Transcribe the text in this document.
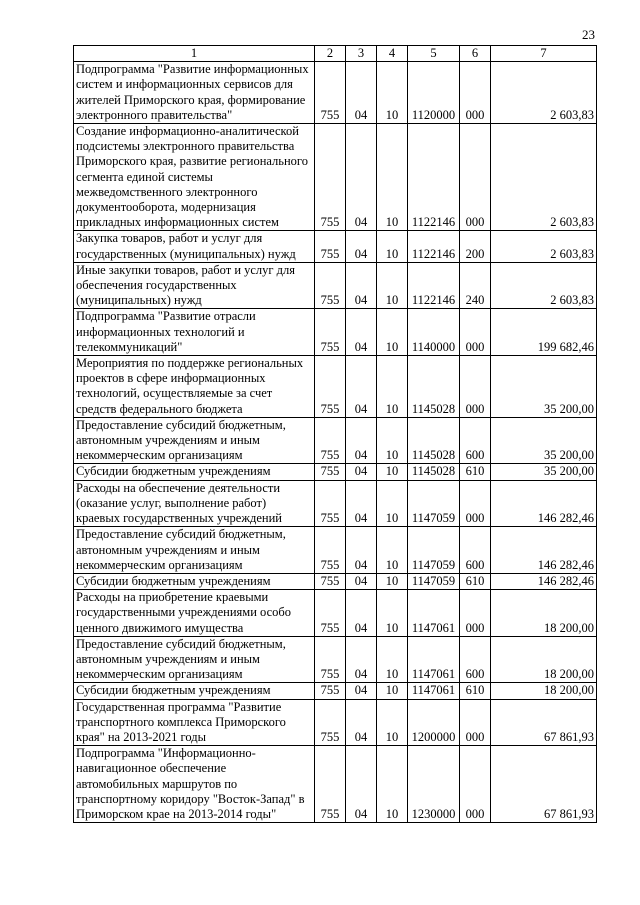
23
1	2	3	4	5	6	7
Подпрограмма "Развитие информационных систем и информационных сервисов для жителей Приморского края, формирование электронного правительства"	755	04	10	1120000	000	2 603,83
Создание информационно-аналитической подсистемы электронного правительства Приморского края, развитие регионального сегмента единой системы межведомственного электронного документооборота, модернизация прикладных информационных систем	755	04	10	1122146	000	2 603,83
Закупка товаров, работ и услуг для государственных (муниципальных) нужд	755	04	10	1122146	200	2 603,83
Иные закупки товаров, работ и услуг для обеспечения государственных (муниципальных) нужд	755	04	10	1122146	240	2 603,83
Подпрограмма "Развитие отрасли информационных технологий и телекоммуникаций"	755	04	10	1140000	000	199 682,46
Мероприятия по поддержке региональных проектов в сфере информационных технологий, осуществляемые за счет средств федерального бюджета	755	04	10	1145028	000	35 200,00
Предоставление субсидий бюджетным, автономным учреждениям и иным некоммерческим организациям	755	04	10	1145028	600	35 200,00
Субсидии бюджетным учреждениям	755	04	10	1145028	610	35 200,00
Расходы на обеспечение деятельности (оказание услуг, выполнение работ) краевых государственных учреждений	755	04	10	1147059	000	146 282,46
Предоставление субсидий бюджетным, автономным учреждениям и иным некоммерческим организациям	755	04	10	1147059	600	146 282,46
Субсидии бюджетным учреждениям	755	04	10	1147059	610	146 282,46
Расходы на приобретение краевыми государственными учреждениями особо ценного движимого имущества	755	04	10	1147061	000	18 200,00
Предоставление субсидий бюджетным, автономным учреждениям и иным некоммерческим организациям	755	04	10	1147061	600	18 200,00
Субсидии бюджетным учреждениям	755	04	10	1147061	610	18 200,00
Государственная программа "Развитие транспортного комплекса Приморского края" на 2013-2021 годы	755	04	10	1200000	000	67 861,93
Подпрограмма "Информационно-навигационное обеспечение автомобильных маршрутов по транспортному коридору "Восток-Запад" в Приморском крае на 2013-2014 годы"	755	04	10	1230000	000	67 861,93
